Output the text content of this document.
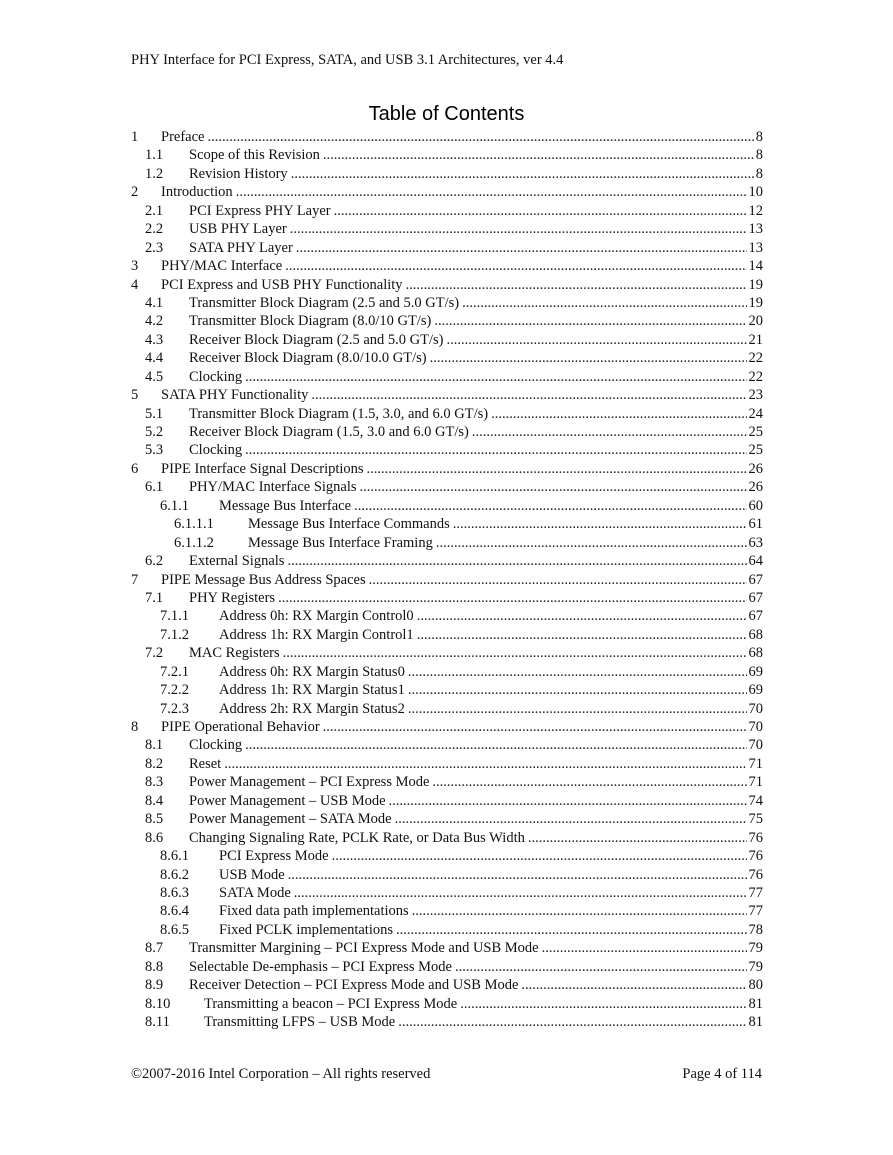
PHY Interface for PCI Express, SATA, and USB 3.1 Architectures, ver 4.4
Table of Contents
1	Preface .....	8
1.1	Scope of this Revision .....	8
1.2	Revision History .....	8
2	Introduction .....	10
2.1	PCI Express PHY Layer .....	12
2.2	USB PHY Layer .....	13
2.3	SATA PHY Layer .....	13
3	PHY/MAC Interface .....	14
4	PCI Express and USB PHY Functionality .....	19
4.1	Transmitter Block Diagram (2.5 and 5.0 GT/s) .....	19
4.2	Transmitter Block Diagram (8.0/10 GT/s) .....	20
4.3	Receiver Block Diagram (2.5 and 5.0 GT/s) .....	21
4.4	Receiver Block Diagram (8.0/10.0 GT/s) .....	22
4.5	Clocking .....	22
5	SATA PHY Functionality .....	23
5.1	Transmitter Block Diagram (1.5, 3.0, and 6.0 GT/s) .....	24
5.2	Receiver Block Diagram (1.5, 3.0 and 6.0 GT/s) .....	25
5.3	Clocking .....	25
6	PIPE Interface Signal Descriptions .....	26
6.1	PHY/MAC Interface Signals .....	26
6.1.1	Message Bus Interface .....	60
6.1.1.1	Message Bus Interface Commands .....	61
6.1.1.2	Message Bus Interface Framing .....	63
6.2	External Signals .....	64
7	PIPE Message Bus Address Spaces .....	67
7.1	PHY Registers .....	67
7.1.1	Address 0h: RX Margin Control0 .....	67
7.1.2	Address 1h: RX Margin Control1 .....	68
7.2	MAC Registers .....	68
7.2.1	Address 0h: RX Margin Status0 .....	69
7.2.2	Address 1h: RX Margin Status1 .....	69
7.2.3	Address 2h: RX Margin Status2 .....	70
8	PIPE Operational Behavior .....	70
8.1	Clocking .....	70
8.2	Reset .....	71
8.3	Power Management – PCI Express Mode .....	71
8.4	Power Management – USB Mode .....	74
8.5	Power Management – SATA Mode .....	75
8.6	Changing Signaling Rate, PCLK Rate, or Data Bus Width .....	76
8.6.1	PCI Express Mode .....	76
8.6.2	USB Mode .....	76
8.6.3	SATA Mode .....	77
8.6.4	Fixed data path implementations .....	77
8.6.5	Fixed PCLK implementations .....	78
8.7	Transmitter Margining – PCI Express Mode and USB Mode .....	79
8.8	Selectable De-emphasis – PCI Express Mode .....	79
8.9	Receiver Detection – PCI Express Mode and USB Mode .....	80
8.10	Transmitting a beacon – PCI Express Mode .....	81
8.11	Transmitting LFPS – USB Mode .....	81
©2007-2016 Intel Corporation – All rights reserved	Page 4 of 114
